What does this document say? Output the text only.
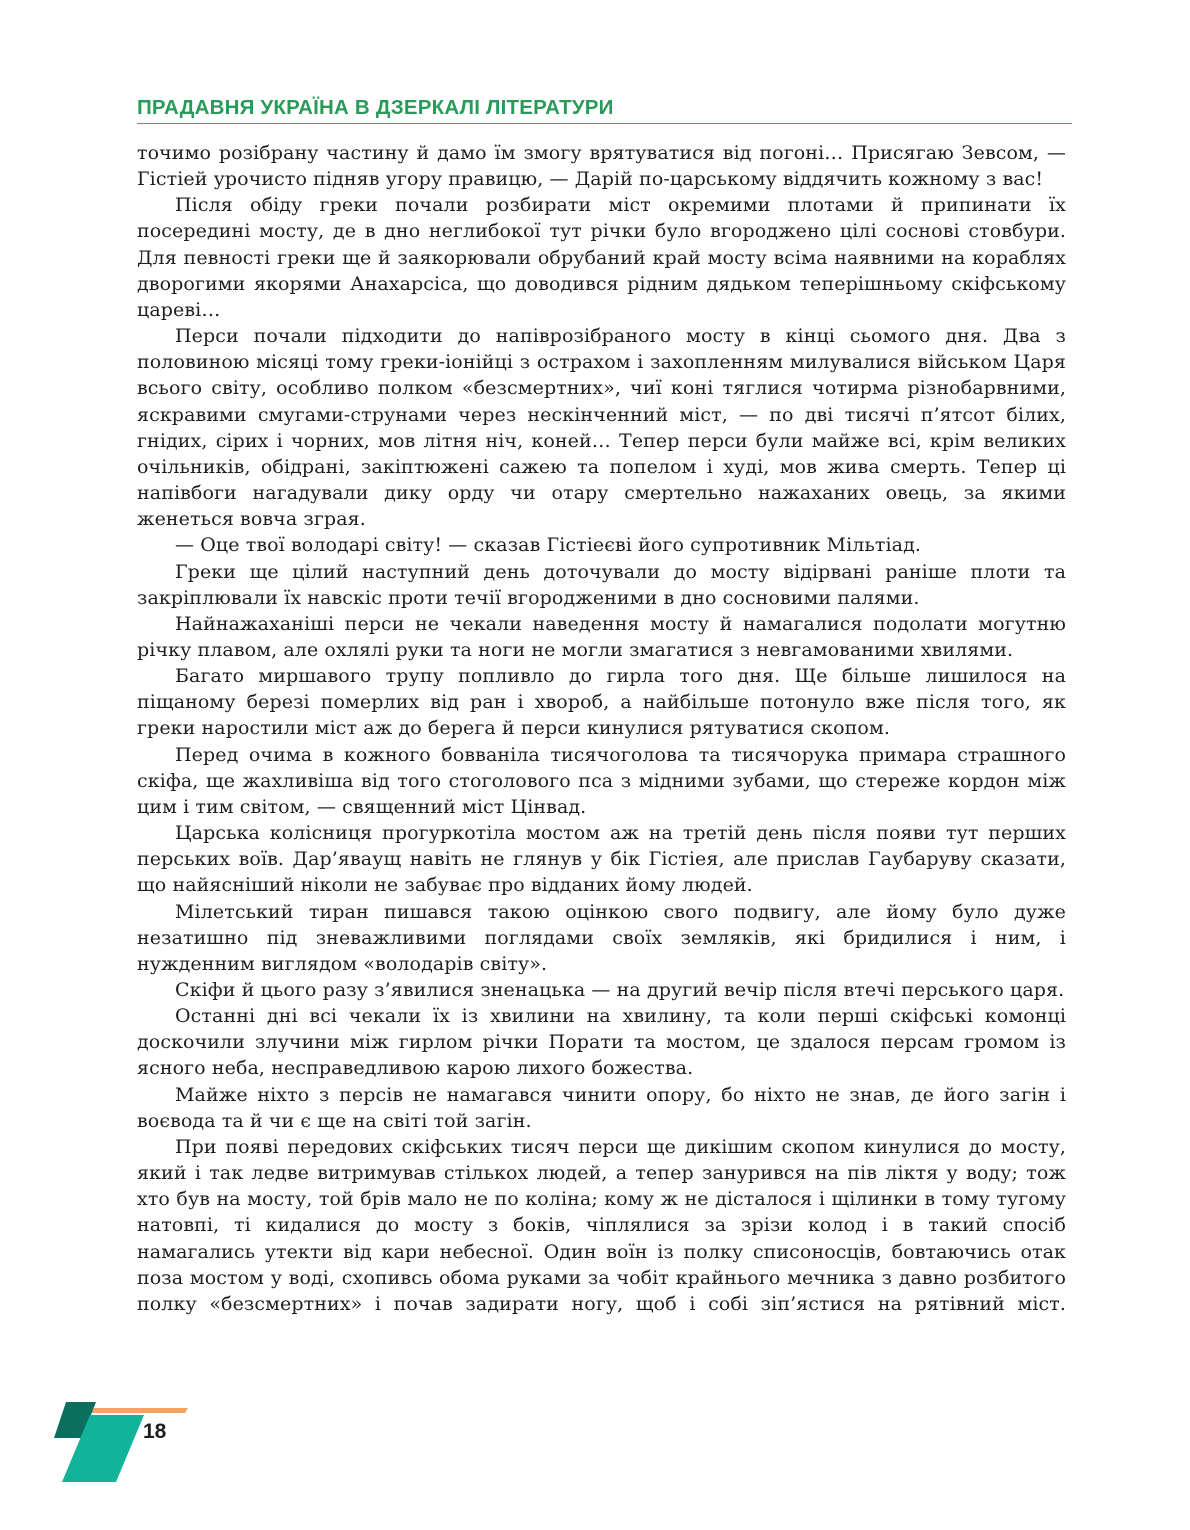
ПРАДАВНЯ УКРАЇНА В ДЗЕРКАЛІ ЛІТЕРАТУРИ

точимо розібрану частину й дамо їм змогу врятуватися від погоні… Присягаю Зевсом, — Гістіей урочисто підняв угору правицю, — Дарій по-царському віддячить кожному з вас!

Після обіду греки почали розбирати міст окремими плотами й припинати їх посередині мосту, де в дно неглибокої тут річки було вгороджено цілі соснові стовбури. Для певності греки ще й заякорювали обрубаний край мосту всіма наявними на кораблях дворогими якорями Анахарсіса, що доводився рідним дядьком теперішньому скіфському цареві…

Перси почали підходити до напіврозібраного мосту в кінці сьомого дня. Два з половиною місяці тому греки-іонійці з острахом і захопленням милувалися військом Царя всього світу, особливо полком «безсмертних», чиї коні тяглися чотирма різнобарвними, яскравими смугами-струнами через нескінченний міст, — по дві тисячі п’ятсот білих, гнідих, сірих і чорних, мов літня ніч, коней… Тепер перси були майже всі, крім великих очільників, обідрані, закіптюжені сажею та попелом і худі, мов жива смерть. Тепер ці напівбоги нагадували дику орду чи отару смертельно нажаханих овець, за якими женеться вовча зграя.

— Оце твої володарі світу! — сказав Гістіеєві його супротивник Мільтіад.

Греки ще цілий наступний день доточували до мосту відірвані раніше плоти та закріплювали їх навскіс проти течії вгородженими в дно сосновими палями.

Найнажаханіші перси не чекали наведення мосту й намагалися подолати могутню річку плавом, але охлялі руки та ноги не могли змагатися з невгамованими хвилями.

Багато миршавого трупу попливло до гирла того дня. Ще більше лишилося на піщаному березі померлих від ран і хвороб, а найбільше потонуло вже після того, як греки наростили міст аж до берега й перси кинулися рятуватися скопом.

Перед очима в кожного бовваніла тисячоголова та тисячорука примара страшного скіфа, ще жахливіша від того стоголового пса з мідними зубами, що стереже кордон між цим і тим світом, — священний міст Цінвад.

Царська колісниця прогуркотіла мостом аж на третій день після появи тут перших перських воїв. Дар’яваущ навіть не глянув у бік Гістіея, але прислав Гаубаруву сказати, що найясніший ніколи не забуває про відданих йому людей.

Мілетський тиран пишався такою оцінкою свого подвигу, але йому було дуже незатишно під зневажливими поглядами своїх земляків, які бридилися і ним, і нужденним виглядом «володарів світу».

Скіфи й цього разу з’явилися зненацька — на другий вечір після втечі перського царя.

Останні дні всі чекали їх із хвилини на хвилину, та коли перші скіфські комонці доскочили злучини між гирлом річки Порати та мостом, це здалося персам громом із ясного неба, несправедливою карою лихого божества.

Майже ніхто з персів не намагався чинити опору, бо ніхто не знав, де його загін і воєвода та й чи є ще на світі той загін.

При появі передових скіфських тисяч перси ще дикішим скопом кинулися до мосту, який і так ледве витримував стількох людей, а тепер занурився на пів ліктя у воду; тож хто був на мосту, той брів мало не по коліна; кому ж не дісталося і щілинки в тому тугому натовпі, ті кидалися до мосту з боків, чіплялися за зрізи колод і в такий спосіб намагались утекти від кари небесної. Один воїн із полку списоносців, бовтаючись отак поза мостом у воді, схопивсь обома руками за чобіт крайнього мечника з давно розбитого полку «безсмертних» і почав задирати ногу, щоб і собі зіп’ястися на рятівний міст.

18
